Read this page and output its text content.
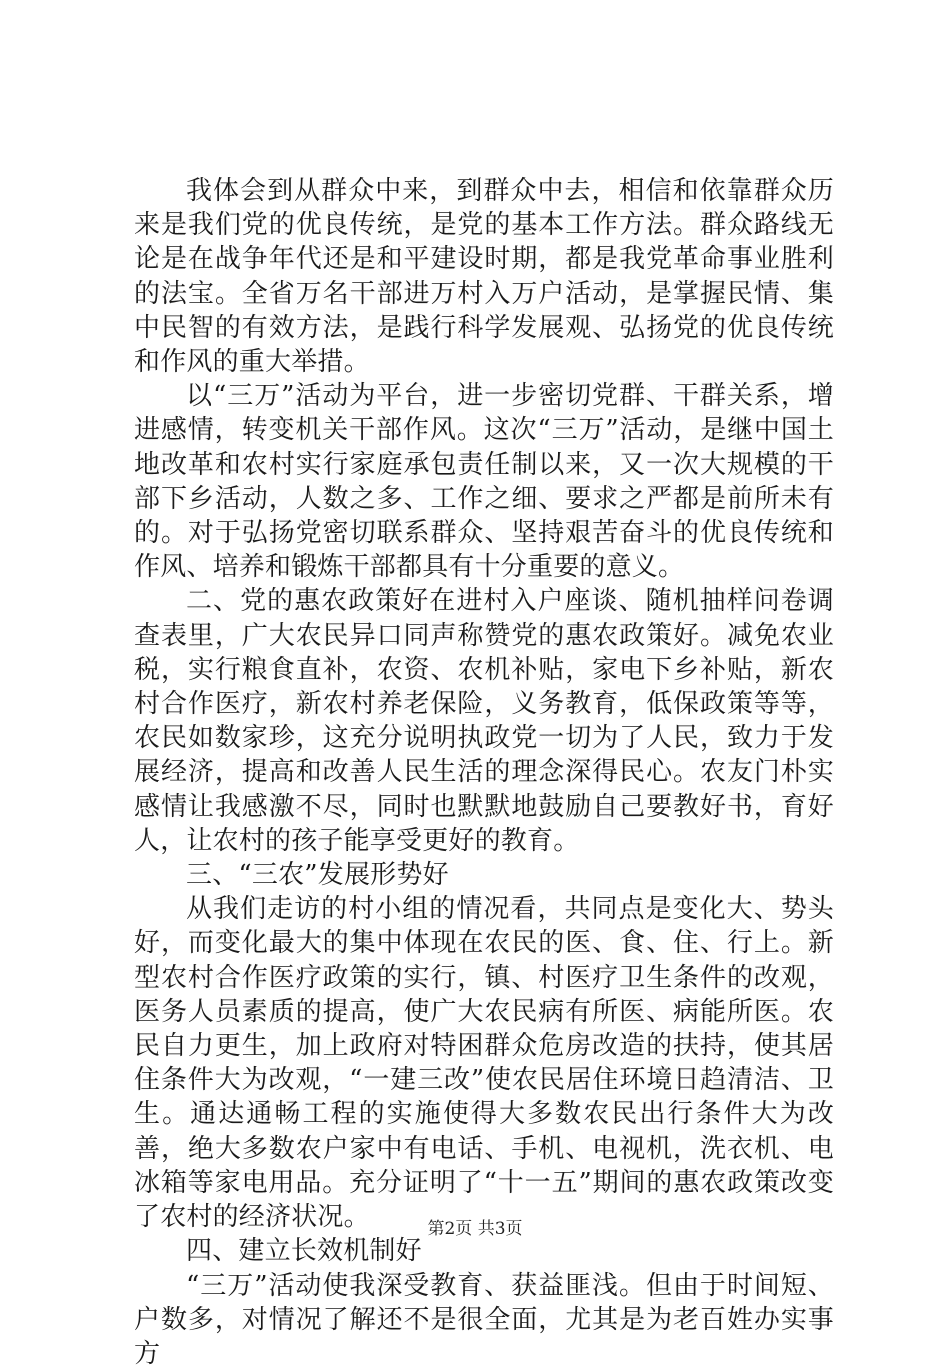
我体会到从群众中来，到群众中去，相信和依靠群众历来是我们党的优良传统，是党的基本工作方法。群众路线无论是在战争年代还是和平建设时期，都是我党革命事业胜利的法宝。全省万名干部进万村入万户活动，是掌握民情、集中民智的有效方法，是践行科学发展观、弘扬党的优良传统和作风的重大举措。

以“三万”活动为平台，进一步密切党群、干群关系，增进感情，转变机关干部作风。这次“三万”活动，是继中国土地改革和农村实行家庭承包责任制以来，又一次大规模的干部下乡活动，人数之多、工作之细、要求之严都是前所未有的。对于弘扬党密切联系群众、坚持艰苦奋斗的优良传统和作风、培养和锻炼干部都具有十分重要的意义。

二、党的惠农政策好在进村入户座谈、随机抽样问卷调查表里，广大农民异口同声称赞党的惠农政策好。减免农业税，实行粮食直补，农资、农机补贴，家电下乡补贴，新农村合作医疗，新农村养老保险，义务教育，低保政策等等，农民如数家珍，这充分说明执政党一切为了人民，致力于发展经济，提高和改善人民生活的理念深得民心。农友门朴实感情让我感激不尽，同时也默默地鼓励自己要教好书，育好人，让农村的孩子能享受更好的教育。

三、“三农”发展形势好

从我们走访的村小组的情况看，共同点是变化大、势头好，而变化最大的集中体现在农民的医、食、住、行上。新型农村合作医疗政策的实行，镇、村医疗卫生条件的改观，医务人员素质的提高，使广大农民病有所医、病能所医。农民自力更生，加上政府对特困群众危房改造的扶持，使其居住条件大为改观，“一建三改”使农民居住环境日趋清洁、卫生。通达通畅工程的实施使得大多数农民出行条件大为改善，绝大多数农户家中有电话、手机、电视机，洗衣机、电冰箱等家电用品。充分证明了“十一五”期间的惠农政策改变了农村的经济状况。

四、建立长效机制好

“三万”活动使我深受教育、获益匪浅。但由于时间短、户数多，对情况了解还不是很全面，尤其是为老百姓办实事方

第2页 共3页
